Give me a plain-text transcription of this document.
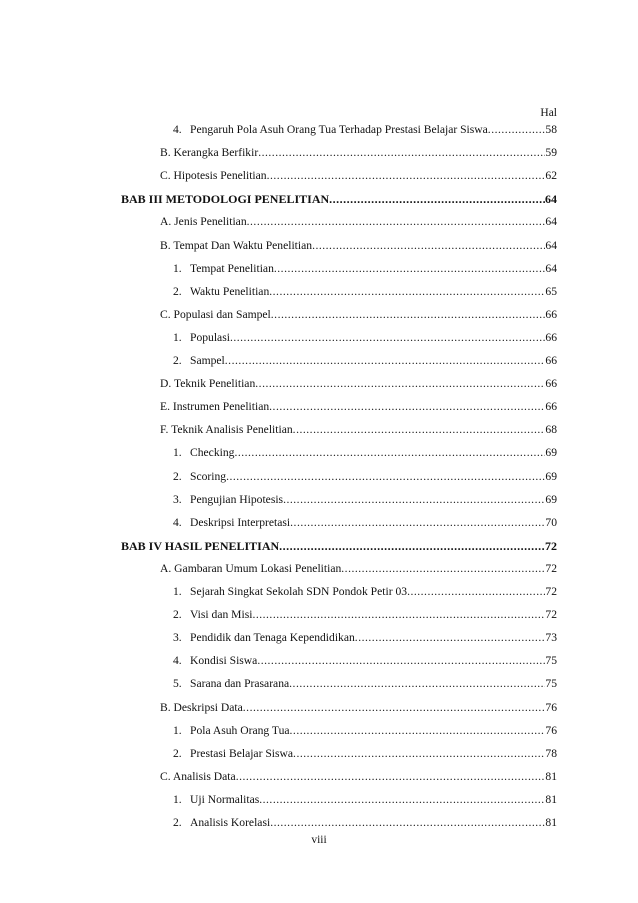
Hal
4. Pengaruh Pola Asuh Orang Tua Terhadap Prestasi Belajar Siswa .....	58
B. Kerangka Berfikir .....	59
C. Hipotesis Penelitian .....	62
BAB III METODOLOGI PENELITIAN .....	64
A. Jenis Penelitian .....	64
B. Tempat Dan Waktu Penelitian .....	64
1. Tempat Penelitian .....	64
2. Waktu Penelitian .....	65
C. Populasi dan Sampel .....	66
1. Populasi .....	66
2. Sampel .....	66
D. Teknik Penelitian .....	66
E. Instrumen Penelitian .....	66
F. Teknik Analisis Penelitian .....	68
1. Checking .....	69
2. Scoring .....	69
3. Pengujian Hipotesis .....	69
4. Deskripsi Interpretasi .....	70
BAB IV HASIL PENELITIAN .....	72
A. Gambaran Umum Lokasi Penelitian .....	72
1. Sejarah Singkat Sekolah SDN Pondok Petir 03 .....	72
2. Visi dan Misi .....	72
3. Pendidik dan Tenaga Kependidikan .....	73
4. Kondisi Siswa .....	75
5. Sarana dan Prasarana .....	75
B. Deskripsi Data .....	76
1. Pola Asuh Orang Tua .....	76
2. Prestasi Belajar Siswa .....	78
C. Analisis Data .....	81
1. Uji Normalitas .....	81
2. Analisis Korelasi .....	81
viii
